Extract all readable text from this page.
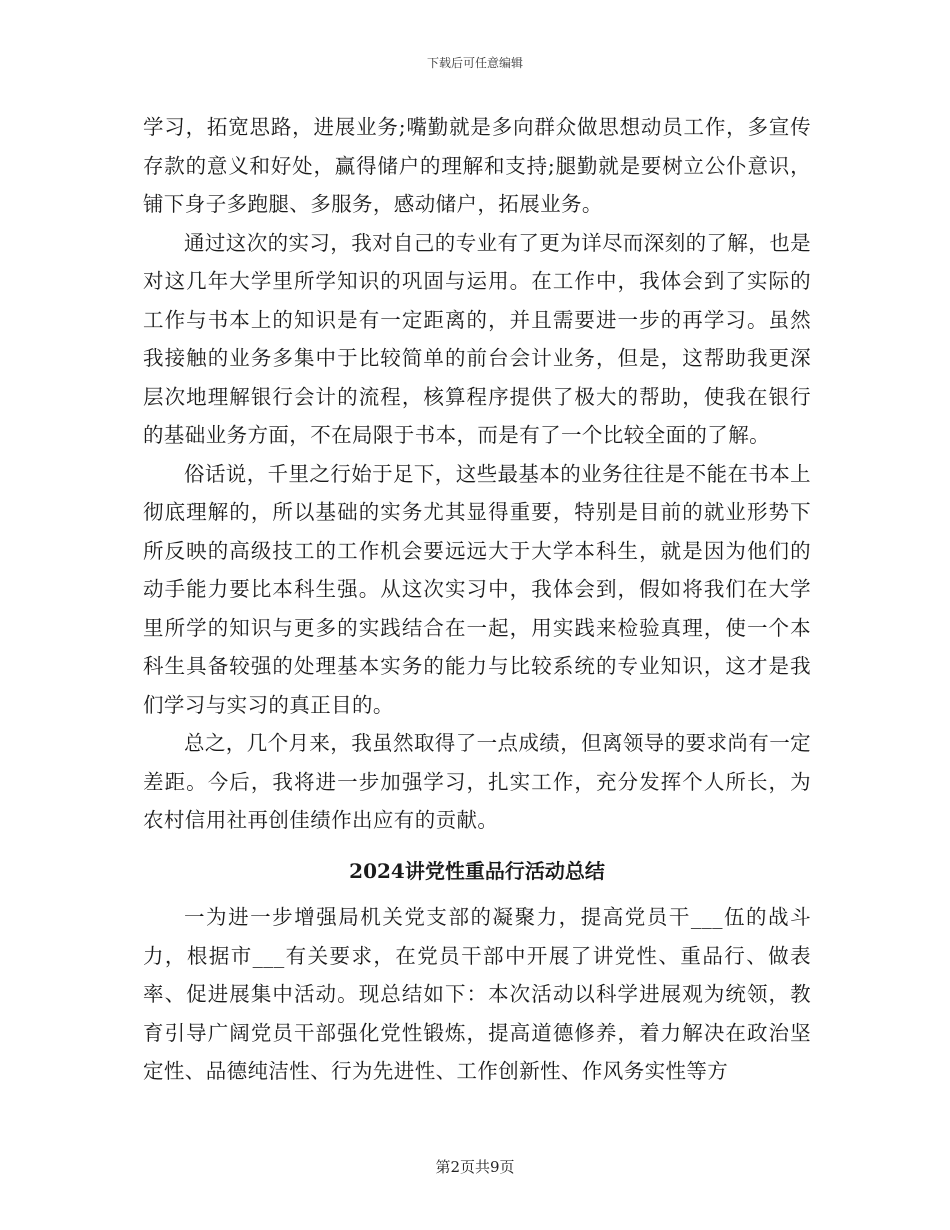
下载后可任意编辑

学习，拓宽思路，进展业务;嘴勤就是多向群众做思想动员工作，多宣传存款的意义和好处，赢得储户的理解和支持;腿勤就是要树立公仆意识，铺下身子多跑腿、多服务，感动储户，拓展业务。

通过这次的实习，我对自己的专业有了更为详尽而深刻的了解，也是对这几年大学里所学知识的巩固与运用。在工作中，我体会到了实际的工作与书本上的知识是有一定距离的，并且需要进一步的再学习。虽然我接触的业务多集中于比较简单的前台会计业务，但是，这帮助我更深层次地理解银行会计的流程，核算程序提供了极大的帮助，使我在银行的基础业务方面，不在局限于书本，而是有了一个比较全面的了解。

俗话说，千里之行始于足下，这些最基本的业务往往是不能在书本上彻底理解的，所以基础的实务尤其显得重要，特别是目前的就业形势下所反映的高级技工的工作机会要远远大于大学本科生，就是因为他们的动手能力要比本科生强。从这次实习中，我体会到，假如将我们在大学里所学的知识与更多的实践结合在一起，用实践来检验真理，使一个本科生具备较强的处理基本实务的能力与比较系统的专业知识，这才是我们学习与实习的真正目的。

总之，几个月来，我虽然取得了一点成绩，但离领导的要求尚有一定差距。今后，我将进一步加强学习，扎实工作，充分发挥个人所长，为农村信用社再创佳绩作出应有的贡献。

2024讲党性重品行活动总结

一为进一步增强局机关党支部的凝聚力，提高党员干___伍的战斗力，根据市___有关要求，在党员干部中开展了讲党性、重品行、做表率、促进展集中活动。现总结如下：本次活动以科学进展观为统领，教育引导广阔党员干部强化党性锻炼，提高道德修养，着力解决在政治坚定性、品德纯洁性、行为先进性、工作创新性、作风务实性等方

第2页共9页
